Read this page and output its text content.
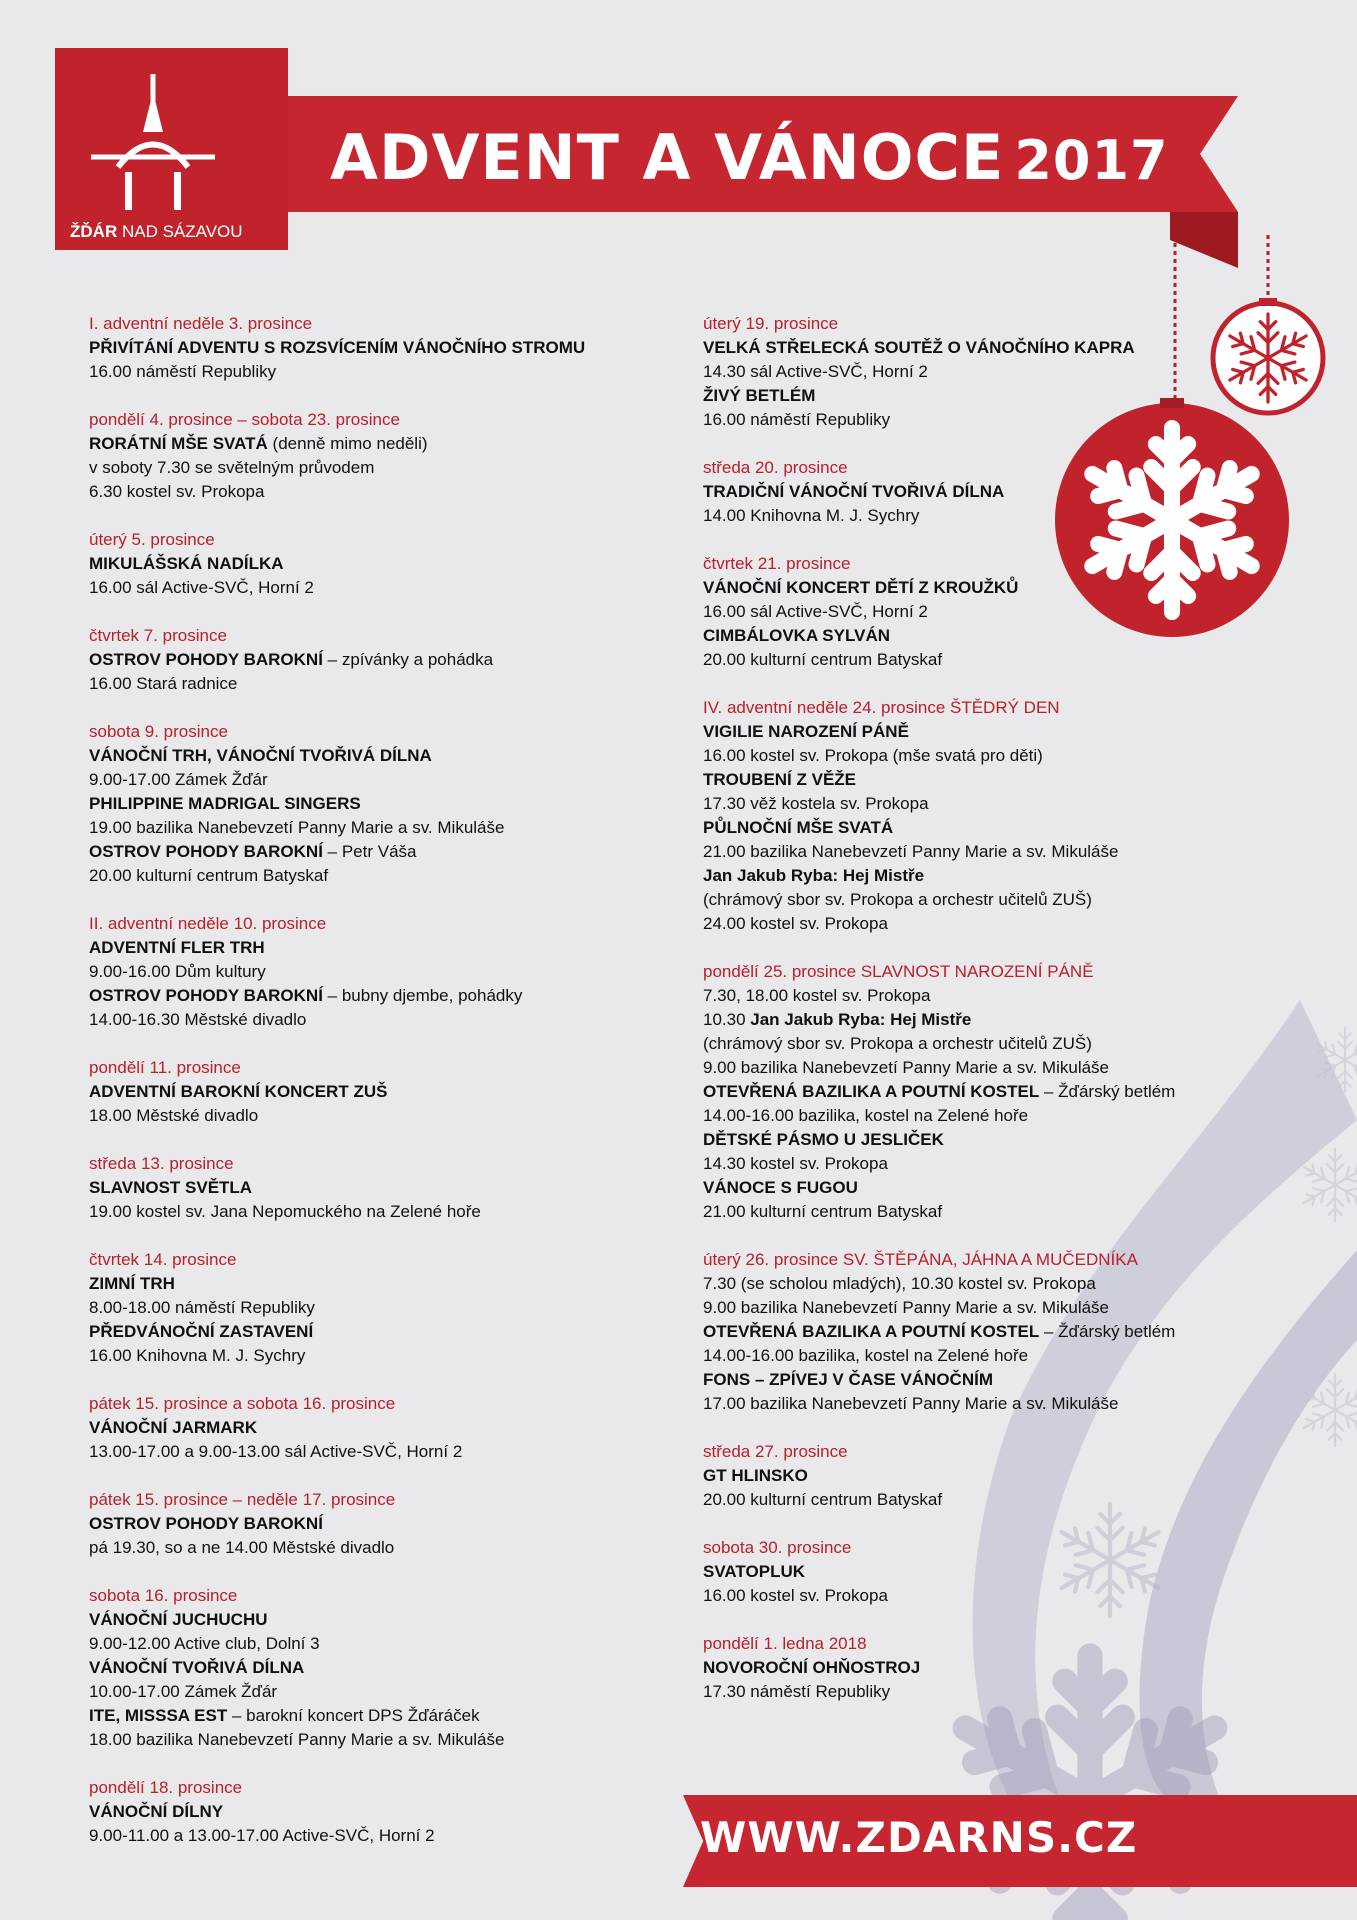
ŽĎÁR NAD SÁZAVOU
ADVENT A VÁNOCE 2017
I. adventní neděle 3. prosince
PŘIVÍTÁNÍ ADVENTU S ROZSVÍCENÍM VÁNOČNÍHO STROMU
16.00 náměstí Republiky
pondělí 4. prosince – sobota 23. prosince
RORÁTNÍ MŠE SVATÁ (denně mimo neděli)
v soboty 7.30 se světelným průvodem
6.30 kostel sv. Prokopa
úterý 5. prosince
MIKULÁŠSKÁ NADÍLKA
16.00 sál Active-SVČ, Horní 2
čtvrtek 7. prosince
OSTROV POHODY BAROKNÍ – zpívánky a pohádka
16.00 Stará radnice
sobota 9. prosince
VÁNOČNÍ TRH, VÁNOČNÍ TVOŘIVÁ DÍLNA
9.00-17.00 Zámek Žďár
PHILIPPINE MADRIGAL SINGERS
19.00 bazilika Nanebevzetí Panny Marie a sv. Mikuláše
OSTROV POHODY BAROKNÍ – Petr Váša
20.00 kulturní centrum Batyskaf
II. adventní neděle 10. prosince
ADVENTNÍ FLER TRH
9.00-16.00 Dům kultury
OSTROV POHODY BAROKNÍ – bubny djembe, pohádky
14.00-16.30 Městské divadlo
pondělí 11. prosince
ADVENTNÍ BAROKNÍ KONCERT ZUŠ
18.00 Městské divadlo
středa 13. prosince
SLAVNOST SVĚTLA
19.00 kostel sv. Jana Nepomuckého na Zelené hoře
čtvrtek 14. prosince
ZIMNÍ TRH
8.00-18.00 náměstí Republiky
PŘEDVÁNOČNÍ ZASTAVENÍ
16.00 Knihovna M. J. Sychry
pátek 15. prosince a sobota 16. prosince
VÁNOČNÍ JARMARK
13.00-17.00 a 9.00-13.00 sál Active-SVČ, Horní 2
pátek 15. prosince – neděle 17. prosince
OSTROV POHODY BAROKNÍ
pá 19.30, so a ne 14.00 Městské divadlo
sobota 16. prosince
VÁNOČNÍ JUCHUCHU
9.00-12.00 Active club, Dolní 3
VÁNOČNÍ TVOŘIVÁ DÍLNA
10.00-17.00 Zámek Žďár
ITE, MISSSA EST – barokní koncert DPS Žďáráček
18.00 bazilika Nanebevzetí Panny Marie a sv. Mikuláše
pondělí 18. prosince
VÁNOČNÍ DÍLNY
9.00-11.00 a 13.00-17.00 Active-SVČ, Horní 2
úterý 19. prosince
VELKÁ STŘELECKÁ SOUTĚŽ O VÁNOČNÍHO KAPRA
14.30 sál Active-SVČ, Horní 2
ŽIVÝ BETLÉM
16.00 náměstí Republiky
středa 20. prosince
TRADIČNÍ VÁNOČNÍ TVOŘIVÁ DÍLNA
14.00 Knihovna M. J. Sychry
čtvrtek 21. prosince
VÁNOČNÍ KONCERT DĚTÍ Z KROUŽKŮ
16.00 sál Active-SVČ, Horní 2
CIMBÁLOVKA SYLVÁN
20.00 kulturní centrum Batyskaf
IV. adventní neděle 24. prosince ŠTĚDRÝ DEN
VIGILIE NAROZENÍ PÁNĚ
16.00 kostel sv. Prokopa (mše svatá pro děti)
TROUBENÍ Z VĚŽE
17.30 věž kostela sv. Prokopa
PŮLNOČNÍ MŠE SVATÁ
21.00 bazilika Nanebevzetí Panny Marie a sv. Mikuláše
Jan Jakub Ryba: Hej Mistře
(chrámový sbor sv. Prokopa a orchestr učitelů ZUŠ)
24.00 kostel sv. Prokopa
pondělí 25. prosince SLAVNOST NAROZENÍ PÁNĚ
7.30, 18.00 kostel sv. Prokopa
10.30 Jan Jakub Ryba: Hej Mistře
(chrámový sbor sv. Prokopa a orchestr učitelů ZUŠ)
9.00 bazilika Nanebevzetí Panny Marie a sv. Mikuláše
OTEVŘENÁ BAZILIKA A POUTNÍ KOSTEL – Žďárský betlém
14.00-16.00 bazilika, kostel na Zelené hoře
DĚTSKÉ PÁSMO U JESLIČEK
14.30 kostel sv. Prokopa
VÁNOCE S FUGOU
21.00 kulturní centrum Batyskaf
úterý 26. prosince SV. ŠTĚPÁNA, JÁHNA A MUČEDNÍKA
7.30 (se scholou mladých), 10.30 kostel sv. Prokopa
9.00 bazilika Nanebevzetí Panny Marie a sv. Mikuláše
OTEVŘENÁ BAZILIKA A POUTNÍ KOSTEL – Žďárský betlém
14.00-16.00 bazilika, kostel na Zelené hoře
FONS – ZPÍVEJ V ČASE VÁNOČNÍM
17.00 bazilika Nanebevzetí Panny Marie a sv. Mikuláše
středa 27. prosince
GT HLINSKO
20.00 kulturní centrum Batyskaf
sobota 30. prosince
SVATOPLUK
16.00 kostel sv. Prokopa
pondělí 1. ledna 2018
NOVOROČNÍ OHŇOSTROJ
17.30 náměstí Republiky
WWW.ZDARNS.CZ
